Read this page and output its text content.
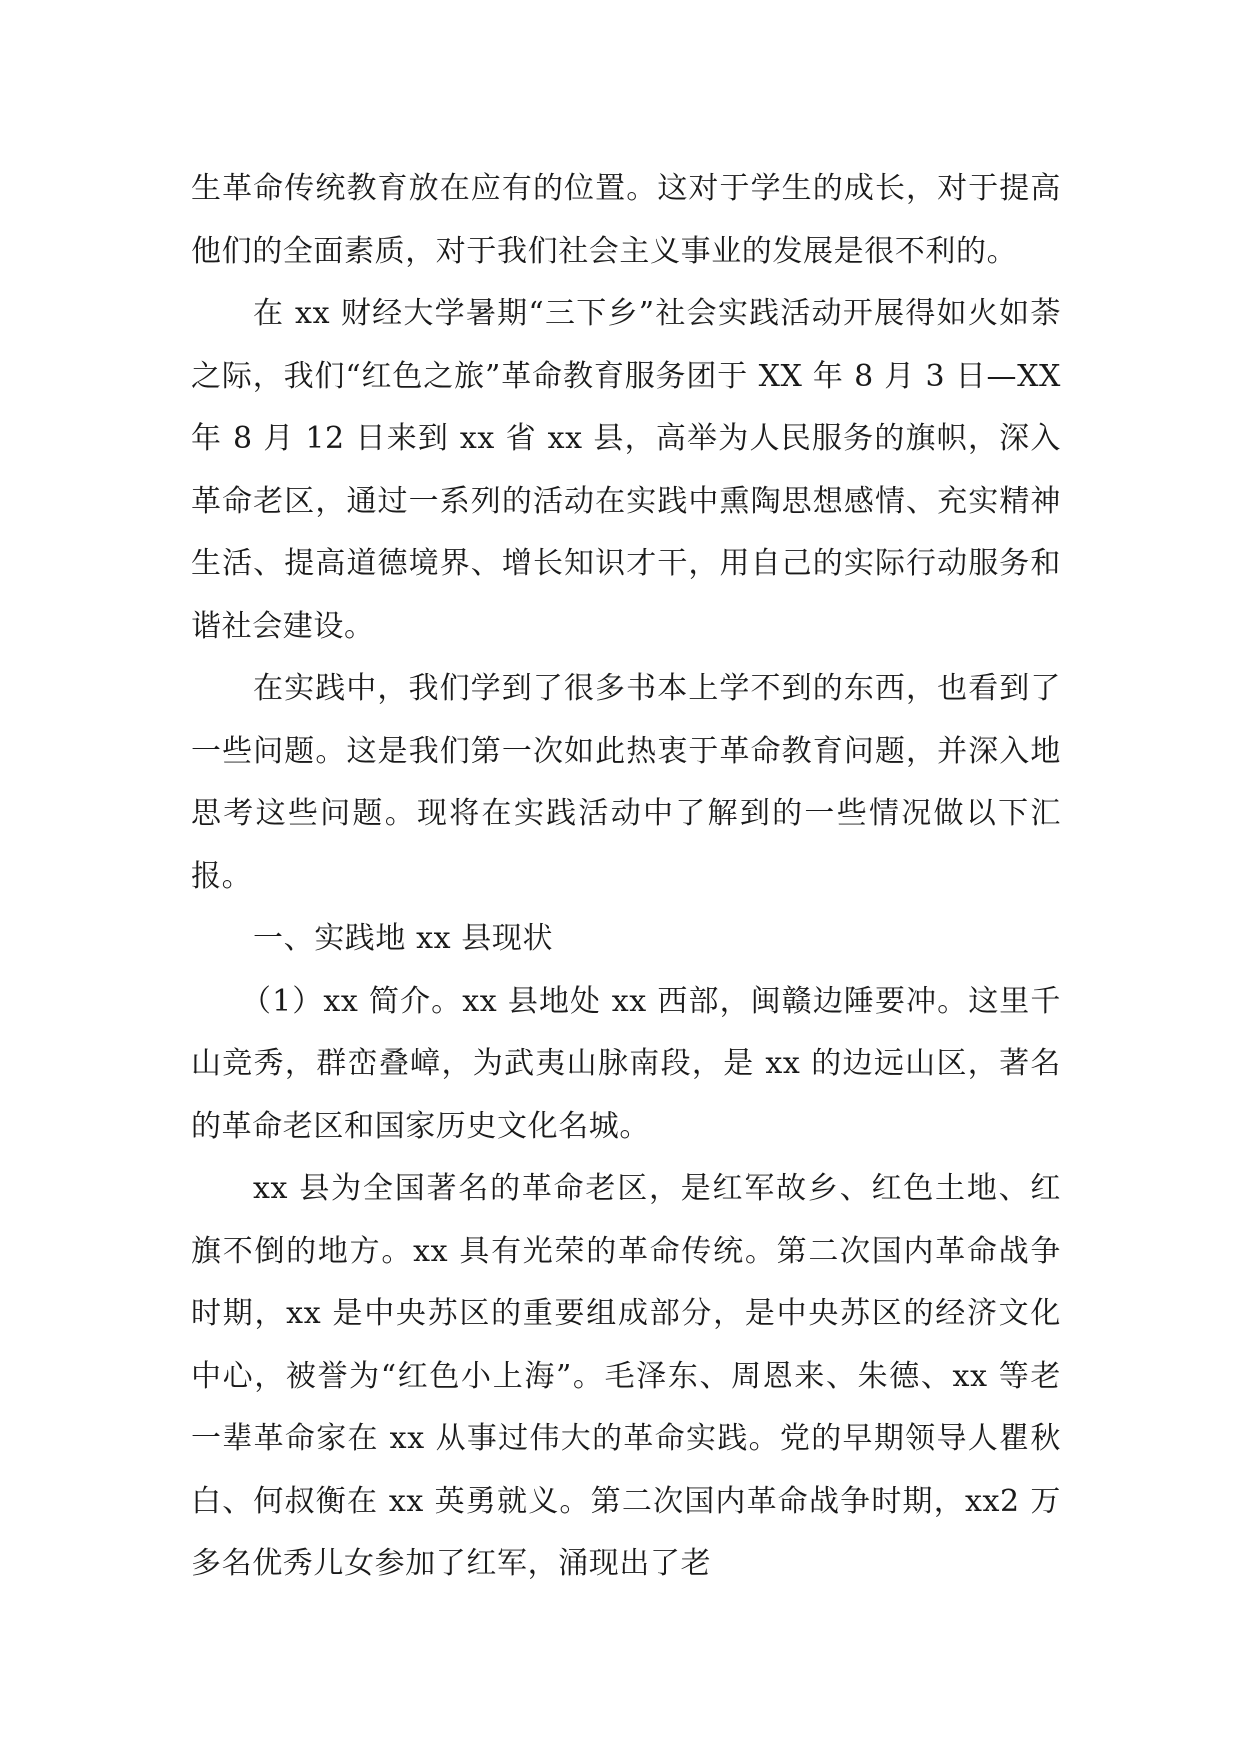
生革命传统教育放在应有的位置。这对于学生的成长，对于提高他们的全面素质，对于我们社会主义事业的发展是很不利的。

在 xx 财经大学暑期“三下乡”社会实践活动开展得如火如荼之际，我们“红色之旅”革命教育服务团于 XX 年 8 月 3 日—XX 年 8 月 12 日来到 xx 省 xx 县，高举为人民服务的旗帜，深入革命老区，通过一系列的活动在实践中熏陶思想感情、充实精神生活、提高道德境界、增长知识才干，用自己的实际行动服务和谐社会建设。

在实践中，我们学到了很多书本上学不到的东西，也看到了一些问题。这是我们第一次如此热衷于革命教育问题，并深入地思考这些问题。现将在实践活动中了解到的一些情况做以下汇报。

一、实践地 xx 县现状

（1）xx 简介。xx 县地处 xx 西部，闽赣边陲要冲。这里千山竞秀，群峦叠嶂，为武夷山脉南段，是 xx 的边远山区，著名的革命老区和国家历史文化名城。

xx 县为全国著名的革命老区，是红军故乡、红色土地、红旗不倒的地方。xx 具有光荣的革命传统。第二次国内革命战争时期，xx 是中央苏区的重要组成部分，是中央苏区的经济文化中心，被誉为“红色小上海”。毛泽东、周恩来、朱德、xx 等老一辈革命家在 xx 从事过伟大的革命实践。党的早期领导人瞿秋白、何叔衡在 xx 英勇就义。第二次国内革命战争时期，xx2 万多名优秀儿女参加了红军，涌现出了老
